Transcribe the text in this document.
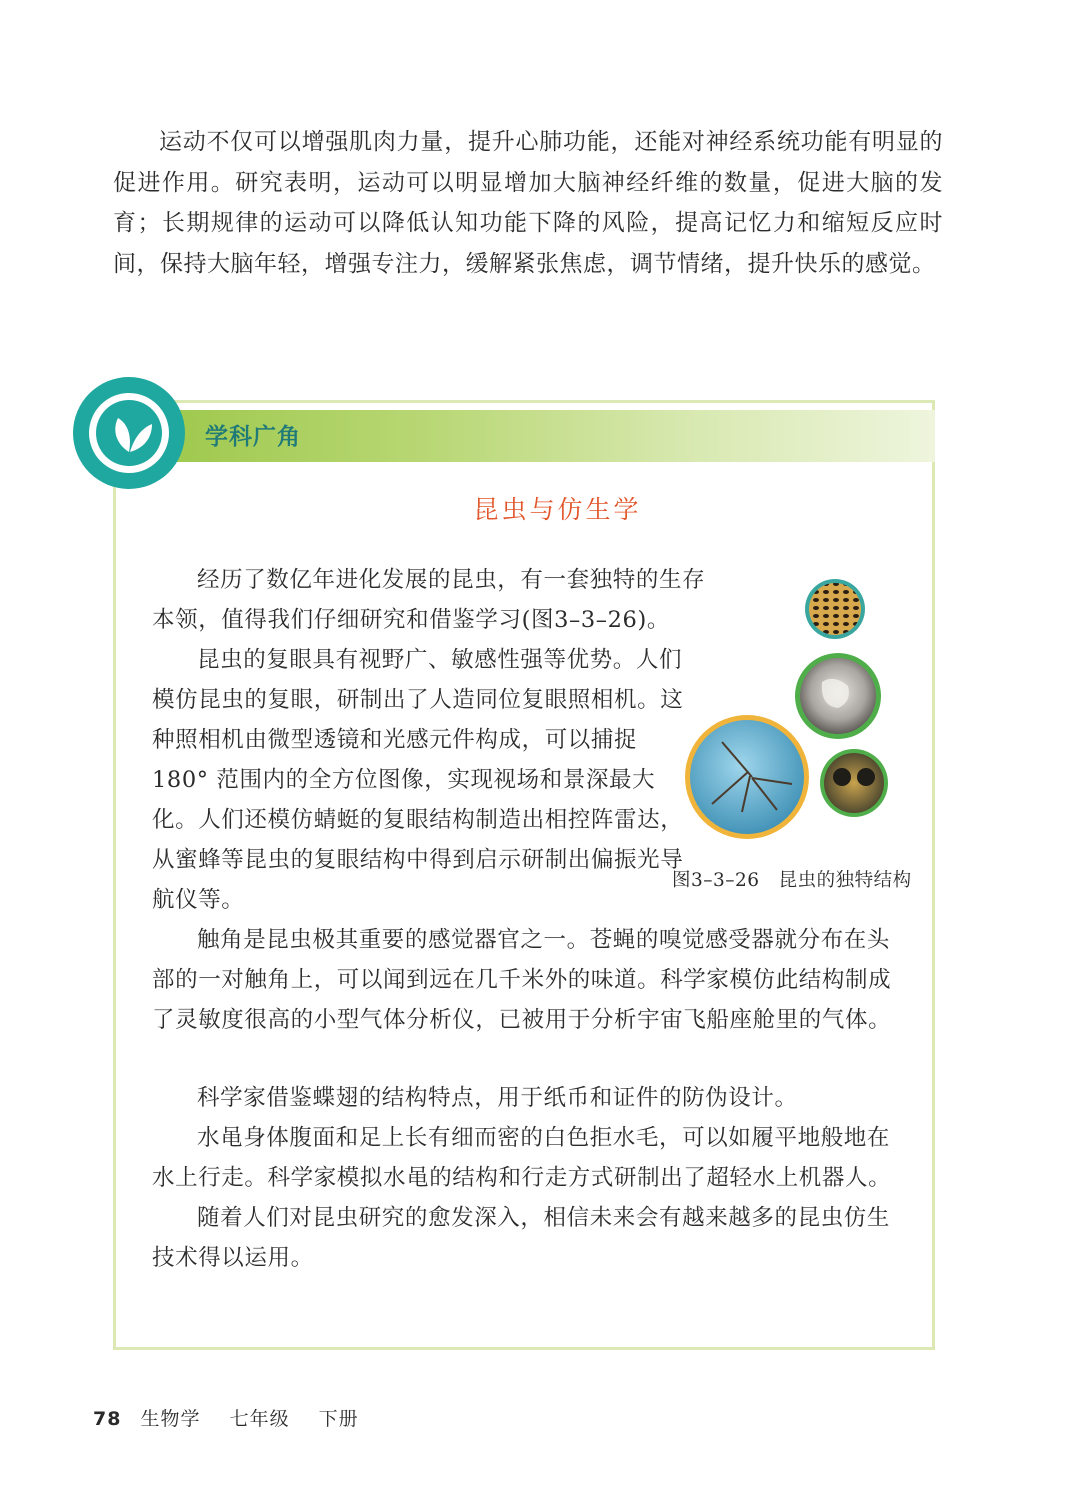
运动不仅可以增强肌肉力量，提升心肺功能，还能对神经系统功能有明显的促进作用。研究表明，运动可以明显增加大脑神经纤维的数量，促进大脑的发育；长期规律的运动可以降低认知功能下降的风险，提高记忆力和缩短反应时间，保持大脑年轻，增强专注力，缓解紧张焦虑，调节情绪，提升快乐的感觉。

学科广角
昆虫与仿生学

经历了数亿年进化发展的昆虫，有一套独特的生存本领，值得我们仔细研究和借鉴学习(图3–3–26)。

昆虫的复眼具有视野广、敏感性强等优势。人们模仿昆虫的复眼，研制出了人造同位复眼照相机。这种照相机由微型透镜和光感元件构成，可以捕捉 180° 范围内的全方位图像，实现视场和景深最大化。人们还模仿蜻蜓的复眼结构制造出相控阵雷达，从蜜蜂等昆虫的复眼结构中得到启示研制出偏振光导航仪等。

触角是昆虫极其重要的感觉器官之一。苍蝇的嗅觉感受器就分布在头部的一对触角上，可以闻到远在几千米外的味道。科学家模仿此结构制成了灵敏度很高的小型气体分析仪，已被用于分析宇宙飞船座舱里的气体。

科学家借鉴蝶翅的结构特点，用于纸币和证件的防伪设计。

水黾身体腹面和足上长有细而密的白色拒水毛，可以如履平地般地在水上行走。科学家模拟水黾的结构和行走方式研制出了超轻水上机器人。

随着人们对昆虫研究的愈发深入，相信未来会有越来越多的昆虫仿生技术得以运用。

图3–3–26　昆虫的独特结构
78 生物学 七年级 下册
